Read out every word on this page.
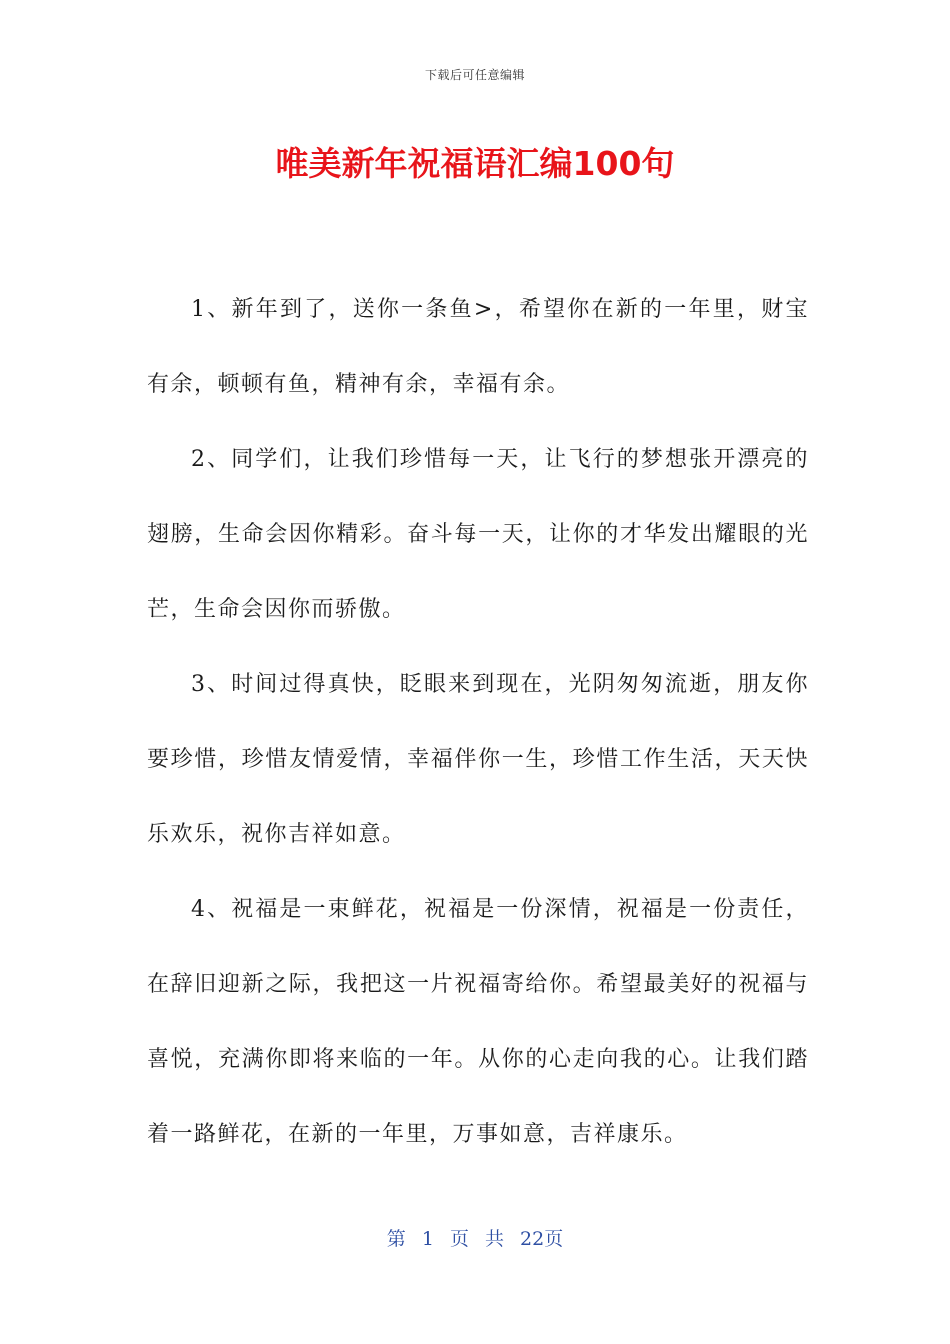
下载后可任意编辑
唯美新年祝福语汇编100句

1、新年到了，送你一条鱼>，希望你在新的一年里，财宝有余，顿顿有鱼，精神有余，幸福有余。

2、同学们，让我们珍惜每一天，让飞行的梦想张开漂亮的翅膀，生命会因你精彩。奋斗每一天，让你的才华发出耀眼的光芒，生命会因你而骄傲。

3、时间过得真快，眨眼来到现在，光阴匆匆流逝，朋友你要珍惜，珍惜友情爱情，幸福伴你一生，珍惜工作生活，天天快乐欢乐，祝你吉祥如意。

4、祝福是一束鲜花，祝福是一份深情，祝福是一份责任，在辞旧迎新之际，我把这一片祝福寄给你。希望最美好的祝福与喜悦，充满你即将来临的一年。从你的心走向我的心。让我们踏着一路鲜花，在新的一年里，万事如意，吉祥康乐。

第 1 页 共 22页
